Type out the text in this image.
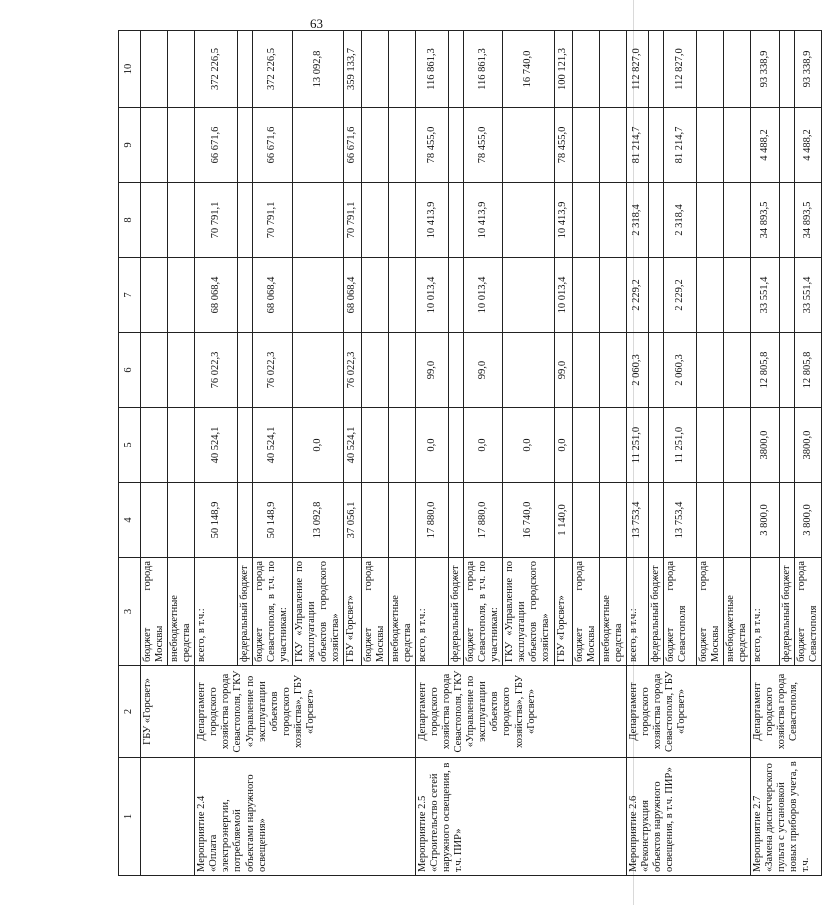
63
1	2	3	4	5	6	7	8	9	10
	ГБУ «Горсвет»	бюджет города Москвы							
		внебюджетные средства							
Мероприятие 2.4 «Оплата электроэнергии, потребляемой объектами наружного освещения»	Департамент городского хозяйства города Севастополя, ГКУ «Управление по эксплуатации объектов городского хозяйства», ГБУ «Горсвет»	всего, в т.ч.:	50 148,9	40 524,1	76 022,3	68 068,4	70 791,1	66 671,6	372 226,5
		федеральный бюджет							
		бюджет города Севастополя, в т.ч. по участникам:	50 148,9	40 524,1	76 022,3	68 068,4	70 791,1	66 671,6	372 226,5
		ГКУ «Управление по эксплуатации объектов городского хозяйства»	13 092,8	0,0					13 092,8
		ГБУ «Горсвет»	37 056,1	40 524,1	76 022,3	68 068,4	70 791,1	66 671,6	359 133,7
		бюджет города Москвы							
		внебюджетные средства							
Мероприятие 2.5 «Строительство сетей наружного освещения, в т.ч. ПИР»	Департамент городского хозяйства города Севастополя, ГКУ «Управление по эксплуатации объектов городского хозяйства», ГБУ «Горсвет»	всего, в т.ч.:	17 880,0	0,0	99,0	10 013,4	10 413,9	78 455,0	116 861,3
		федеральный бюджет							
		бюджет города Севастополя, в т.ч. по участникам:	17 880,0	0,0	99,0	10 013,4	10 413,9	78 455,0	116 861,3
		ГКУ «Управление по эксплуатации объектов городского хозяйства»	16 740,0	0,0					16 740,0
		ГБУ «Горсвет»	1 140,0	0,0	99,0	10 013,4	10 413,9	78 455,0	100 121,3
		бюджет города Москвы							
		внебюджетные средства							
Мероприятие 2.6 «Реконструкция объектов наружного освещения, в т.ч. ПИР»	Департамент городского хозяйства города Севастополя, ГБУ «Горсвет»	всего, в т.ч.:	13 753,4	11 251,0	2 060,3	2 229,2	2 318,4	81 214,7	112 827,0
		федеральный бюджет							
		бюджет города Севастополя	13 753,4	11 251,0	2 060,3	2 229,2	2 318,4	81 214,7	112 827,0
		бюджет города Москвы							
		внебюджетные средства							
Мероприятие 2.7 «Замена диспетчерского пульта с установкой новых приборов учета, в т.ч.	Департамент городского хозяйства города Севастополя,	всего, в т.ч.:	3 800,0	3800,0	12 805,8	33 551,4	34 893,5	4 488,2	93 338,9
		федеральный бюджет							
		бюджет города Севастополя	3 800,0	3800,0	12 805,8	33 551,4	34 893,5	4 488,2	93 338,9
